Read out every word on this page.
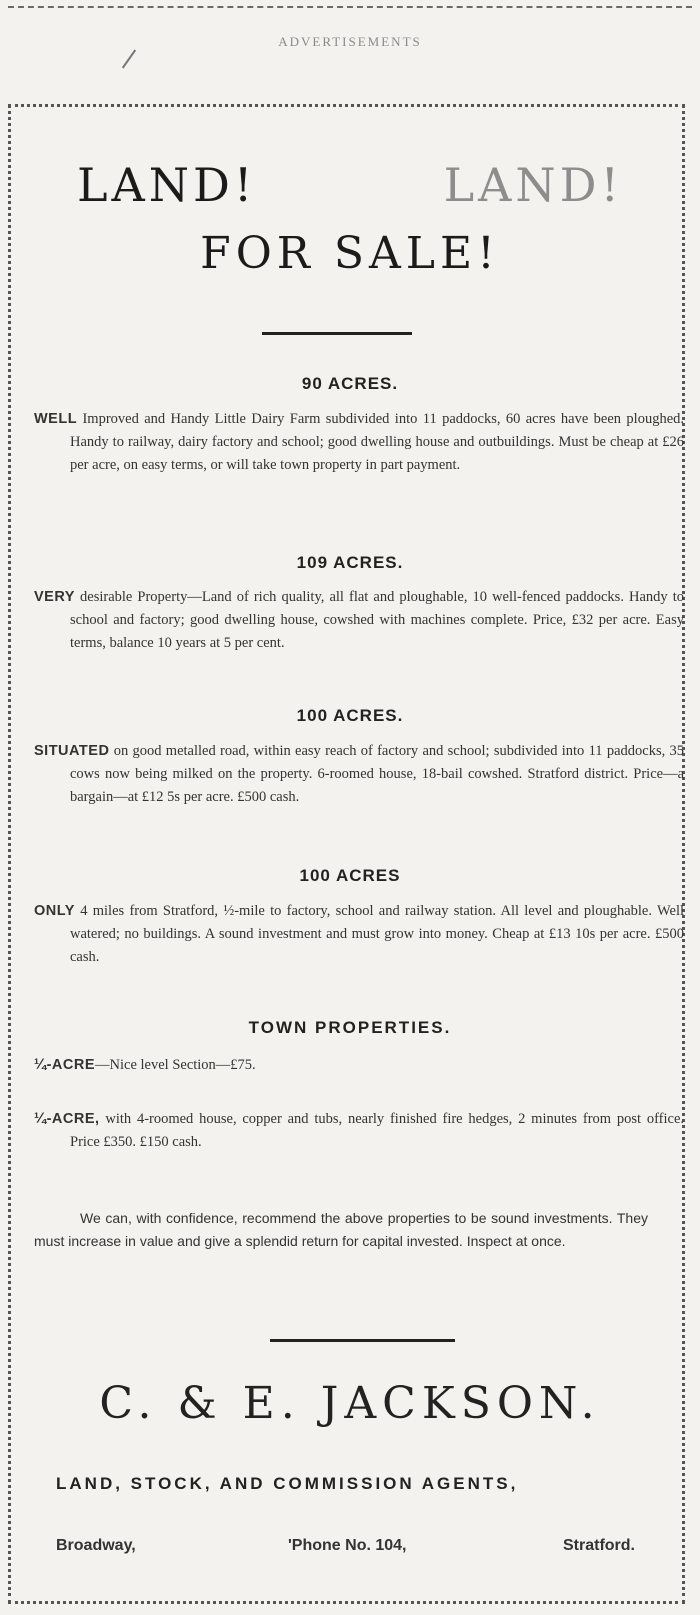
ADVERTISEMENTS
LAND!	LAND!
FOR SALE!
90 ACRES.
WELL Improved and Handy Little Dairy Farm subdivided into 11 paddocks, 60 acres have been ploughed. Handy to railway, dairy factory and school; good dwelling house and outbuildings. Must be cheap at £26 per acre, on easy terms, or will take town property in part payment.
109 ACRES.
VERY desirable Property—Land of rich quality, all flat and ploughable, 10 well-fenced paddocks. Handy to school and factory; good dwelling house, cowshed with machines complete. Price, £32 per acre. Easy terms, balance 10 years at 5 per cent.
100 ACRES.
SITUATED on good metalled road, within easy reach of factory and school; subdivided into 11 paddocks, 35 cows now being milked on the property. 6-roomed house, 18-bail cowshed. Stratford district. Price—a bargain—at £12 5s per acre. £500 cash.
100 ACRES
ONLY 4 miles from Stratford, ½-mile to factory, school and railway station. All level and ploughable. Well watered; no buildings. A sound investment and must grow into money. Cheap at £13 10s per acre. £500 cash.
TOWN PROPERTIES.
¼-ACRE—Nice level Section—£75.
¼-ACRE, with 4-roomed house, copper and tubs, nearly finished fire hedges, 2 minutes from post office. Price £350. £150 cash.
We can, with confidence, recommend the above properties to be sound investments. They must increase in value and give a splendid return for capital invested. Inspect at once.
C. & E. JACKSON.
LAND, STOCK, AND COMMISSION AGENTS,
Broadway,	'Phone No. 104,	Stratford.
